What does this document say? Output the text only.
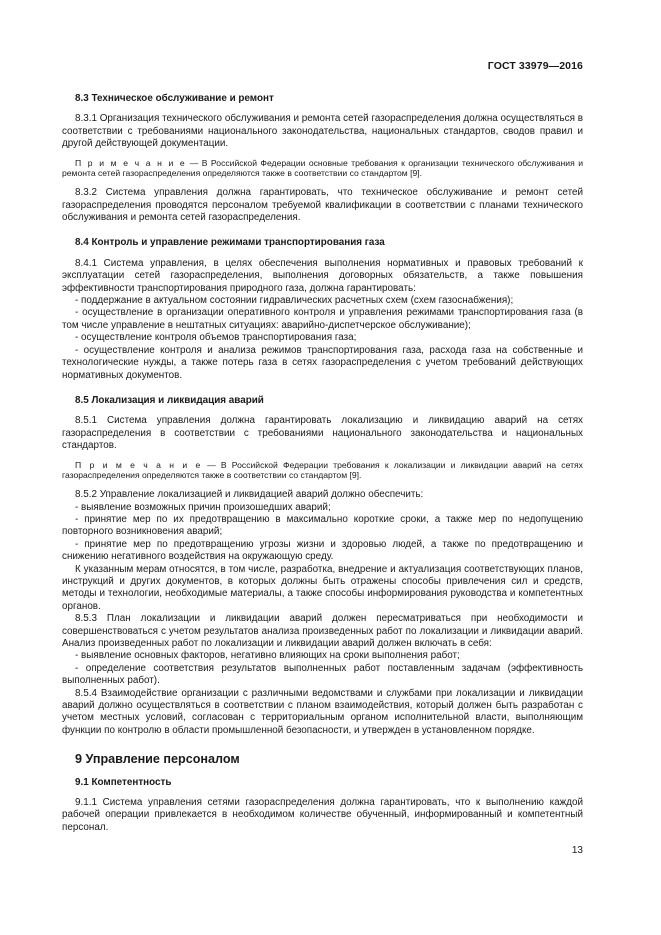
ГОСТ 33979—2016
8.3 Техническое обслуживание и ремонт
8.3.1 Организация технического обслуживания и ремонта сетей газораспределения должна осуществляться в соответствии с требованиями национального законодательства, национальных стандартов, сводов правил и другой действующей документации.
П р и м е ч а н и е — В Российской Федерации основные требования к организации технического обслуживания и ремонта сетей газораспределения определяются также в соответствии со стандартом [9].
8.3.2 Система управления должна гарантировать, что техническое обслуживание и ремонт сетей газораспределения проводятся персоналом требуемой квалификации в соответствии с планами технического обслуживания и ремонта сетей газораспределения.
8.4 Контроль и управление режимами транспортирования газа
8.4.1 Система управления, в целях обеспечения выполнения нормативных и правовых требований к эксплуатации сетей газораспределения, выполнения договорных обязательств, а также повышения эффективности транспортирования природного газа, должна гарантировать:
- поддержание в актуальном состоянии гидравлических расчетных схем (схем газоснабжения);
- осуществление в организации оперативного контроля и управления режимами транспортирования газа (в том числе управление в нештатных ситуациях: аварийно-диспетчерское обслуживание);
- осуществление контроля объемов транспортирования газа;
- осуществление контроля и анализа режимов транспортирования газа, расхода газа на собственные и технологические нужды, а также потерь газа в сетях газораспределения с учетом требований действующих нормативных документов.
8.5 Локализация и ликвидация аварий
8.5.1 Система управления должна гарантировать локализацию и ликвидацию аварий на сетях газораспределения в соответствии с требованиями национального законодательства и национальных стандартов.
П р и м е ч а н и е — В Российской Федерации требования к локализации и ликвидации аварий на сетях газораспределения определяются также в соответствии со стандартом [9].
8.5.2 Управление локализацией и ликвидацией аварий должно обеспечить:
- выявление возможных причин произошедших аварий;
- принятие мер по их предотвращению в максимально короткие сроки, а также мер по недопущению повторного возникновения аварий;
- принятие мер по предотвращению угрозы жизни и здоровью людей, а также по предотвращению и снижению негативного воздействия на окружающую среду.
К указанным мерам относятся, в том числе, разработка, внедрение и актуализация соответствующих планов, инструкций и других документов, в которых должны быть отражены способы привлечения сил и средств, методы и технологии, необходимые материалы, а также способы информирования руководства и компетентных органов.
8.5.3 План локализации и ликвидации аварий должен пересматриваться при необходимости и совершенствоваться с учетом результатов анализа произведенных работ по локализации и ликвидации аварий. Анализ произведенных работ по локализации и ликвидации аварий должен включать в себя:
- выявление основных факторов, негативно влияющих на сроки выполнения работ;
- определение соответствия результатов выполненных работ поставленным задачам (эффективность выполненных работ).
8.5.4 Взаимодействие организации с различными ведомствами и службами при локализации и ликвидации аварий должно осуществляться в соответствии с планом взаимодействия, который должен быть разработан с учетом местных условий, согласован с территориальным органом исполнительной власти, выполняющим функции по контролю в области промышленной безопасности, и утвержден в установленном порядке.
9 Управление персоналом
9.1 Компетентность
9.1.1 Система управления сетями газораспределения должна гарантировать, что к выполнению каждой рабочей операции привлекается в необходимом количестве обученный, информированный и компетентный персонал.
13
